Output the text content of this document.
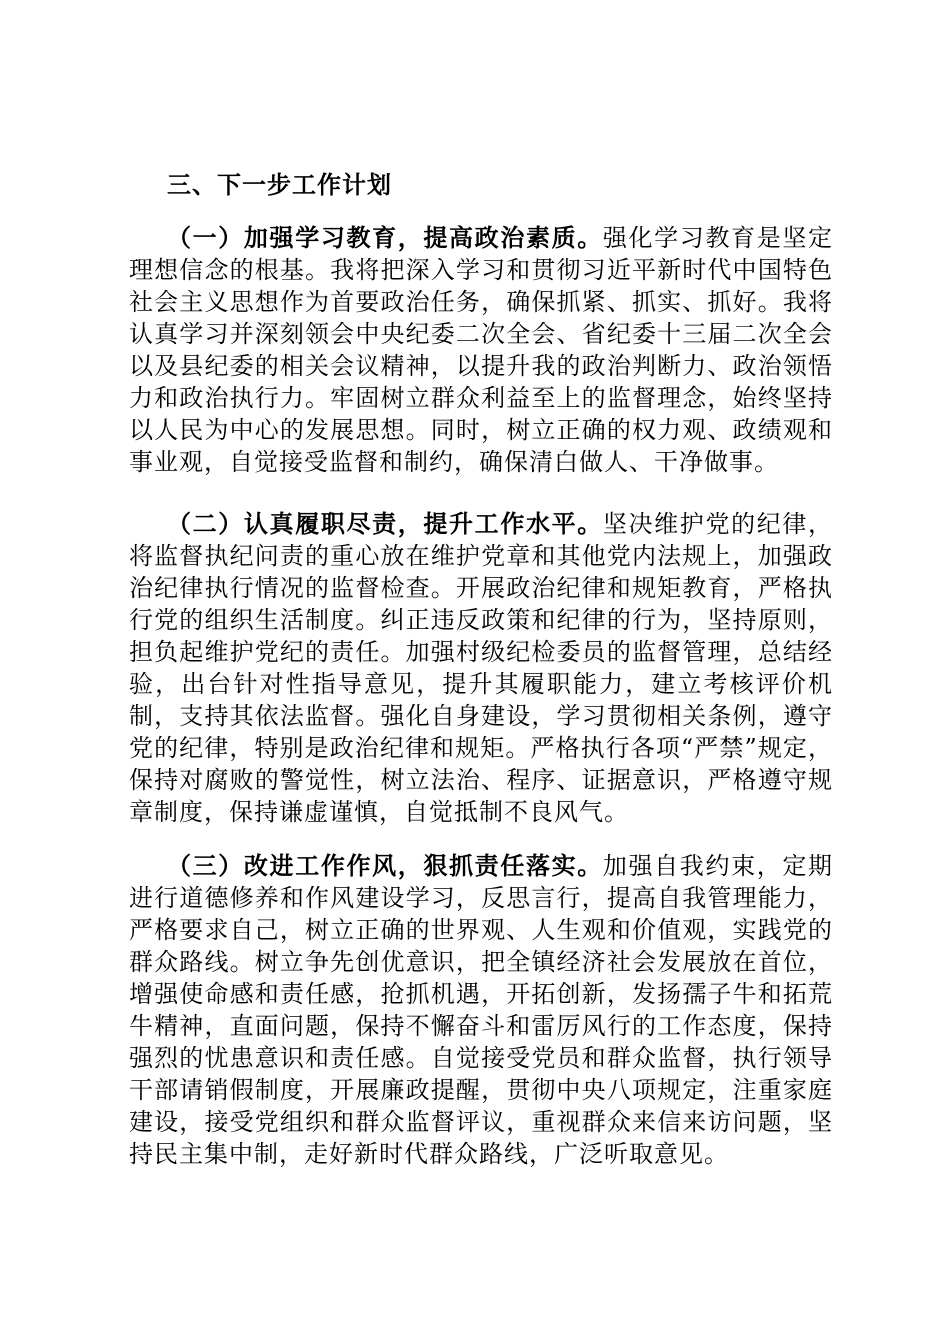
三、下一步工作计划

（一）加强学习教育，提高政治素质。强化学习教育是坚定理想信念的根基。我将把深入学习和贯彻习近平新时代中国特色社会主义思想作为首要政治任务，确保抓紧、抓实、抓好。我将认真学习并深刻领会中央纪委二次全会、省纪委十三届二次全会以及县纪委的相关会议精神，以提升我的政治判断力、政治领悟力和政治执行力。牢固树立群众利益至上的监督理念，始终坚持以人民为中心的发展思想。同时，树立正确的权力观、政绩观和事业观，自觉接受监督和制约，确保清白做人、干净做事。

（二）认真履职尽责，提升工作水平。坚决维护党的纪律，将监督执纪问责的重心放在维护党章和其他党内法规上，加强政治纪律执行情况的监督检查。开展政治纪律和规矩教育，严格执行党的组织生活制度。纠正违反政策和纪律的行为，坚持原则，担负起维护党纪的责任。加强村级纪检委员的监督管理，总结经验，出台针对性指导意见，提升其履职能力，建立考核评价机制，支持其依法监督。强化自身建设，学习贯彻相关条例，遵守党的纪律，特别是政治纪律和规矩。严格执行各项“严禁”规定，保持对腐败的警觉性，树立法治、程序、证据意识，严格遵守规章制度，保持谦虚谨慎，自觉抵制不良风气。

（三）改进工作作风，狠抓责任落实。加强自我约束，定期进行道德修养和作风建设学习，反思言行，提高自我管理能力，严格要求自己，树立正确的世界观、人生观和价值观，实践党的群众路线。树立争先创优意识，把全镇经济社会发展放在首位，增强使命感和责任感，抢抓机遇，开拓创新，发扬孺子牛和拓荒牛精神，直面问题，保持不懈奋斗和雷厉风行的工作态度，保持强烈的忧患意识和责任感。自觉接受党员和群众监督，执行领导干部请销假制度，开展廉政提醒，贯彻中央八项规定，注重家庭建设，接受党组织和群众监督评议，重视群众来信来访问题，坚持民主集中制，走好新时代群众路线，广泛听取意见。
